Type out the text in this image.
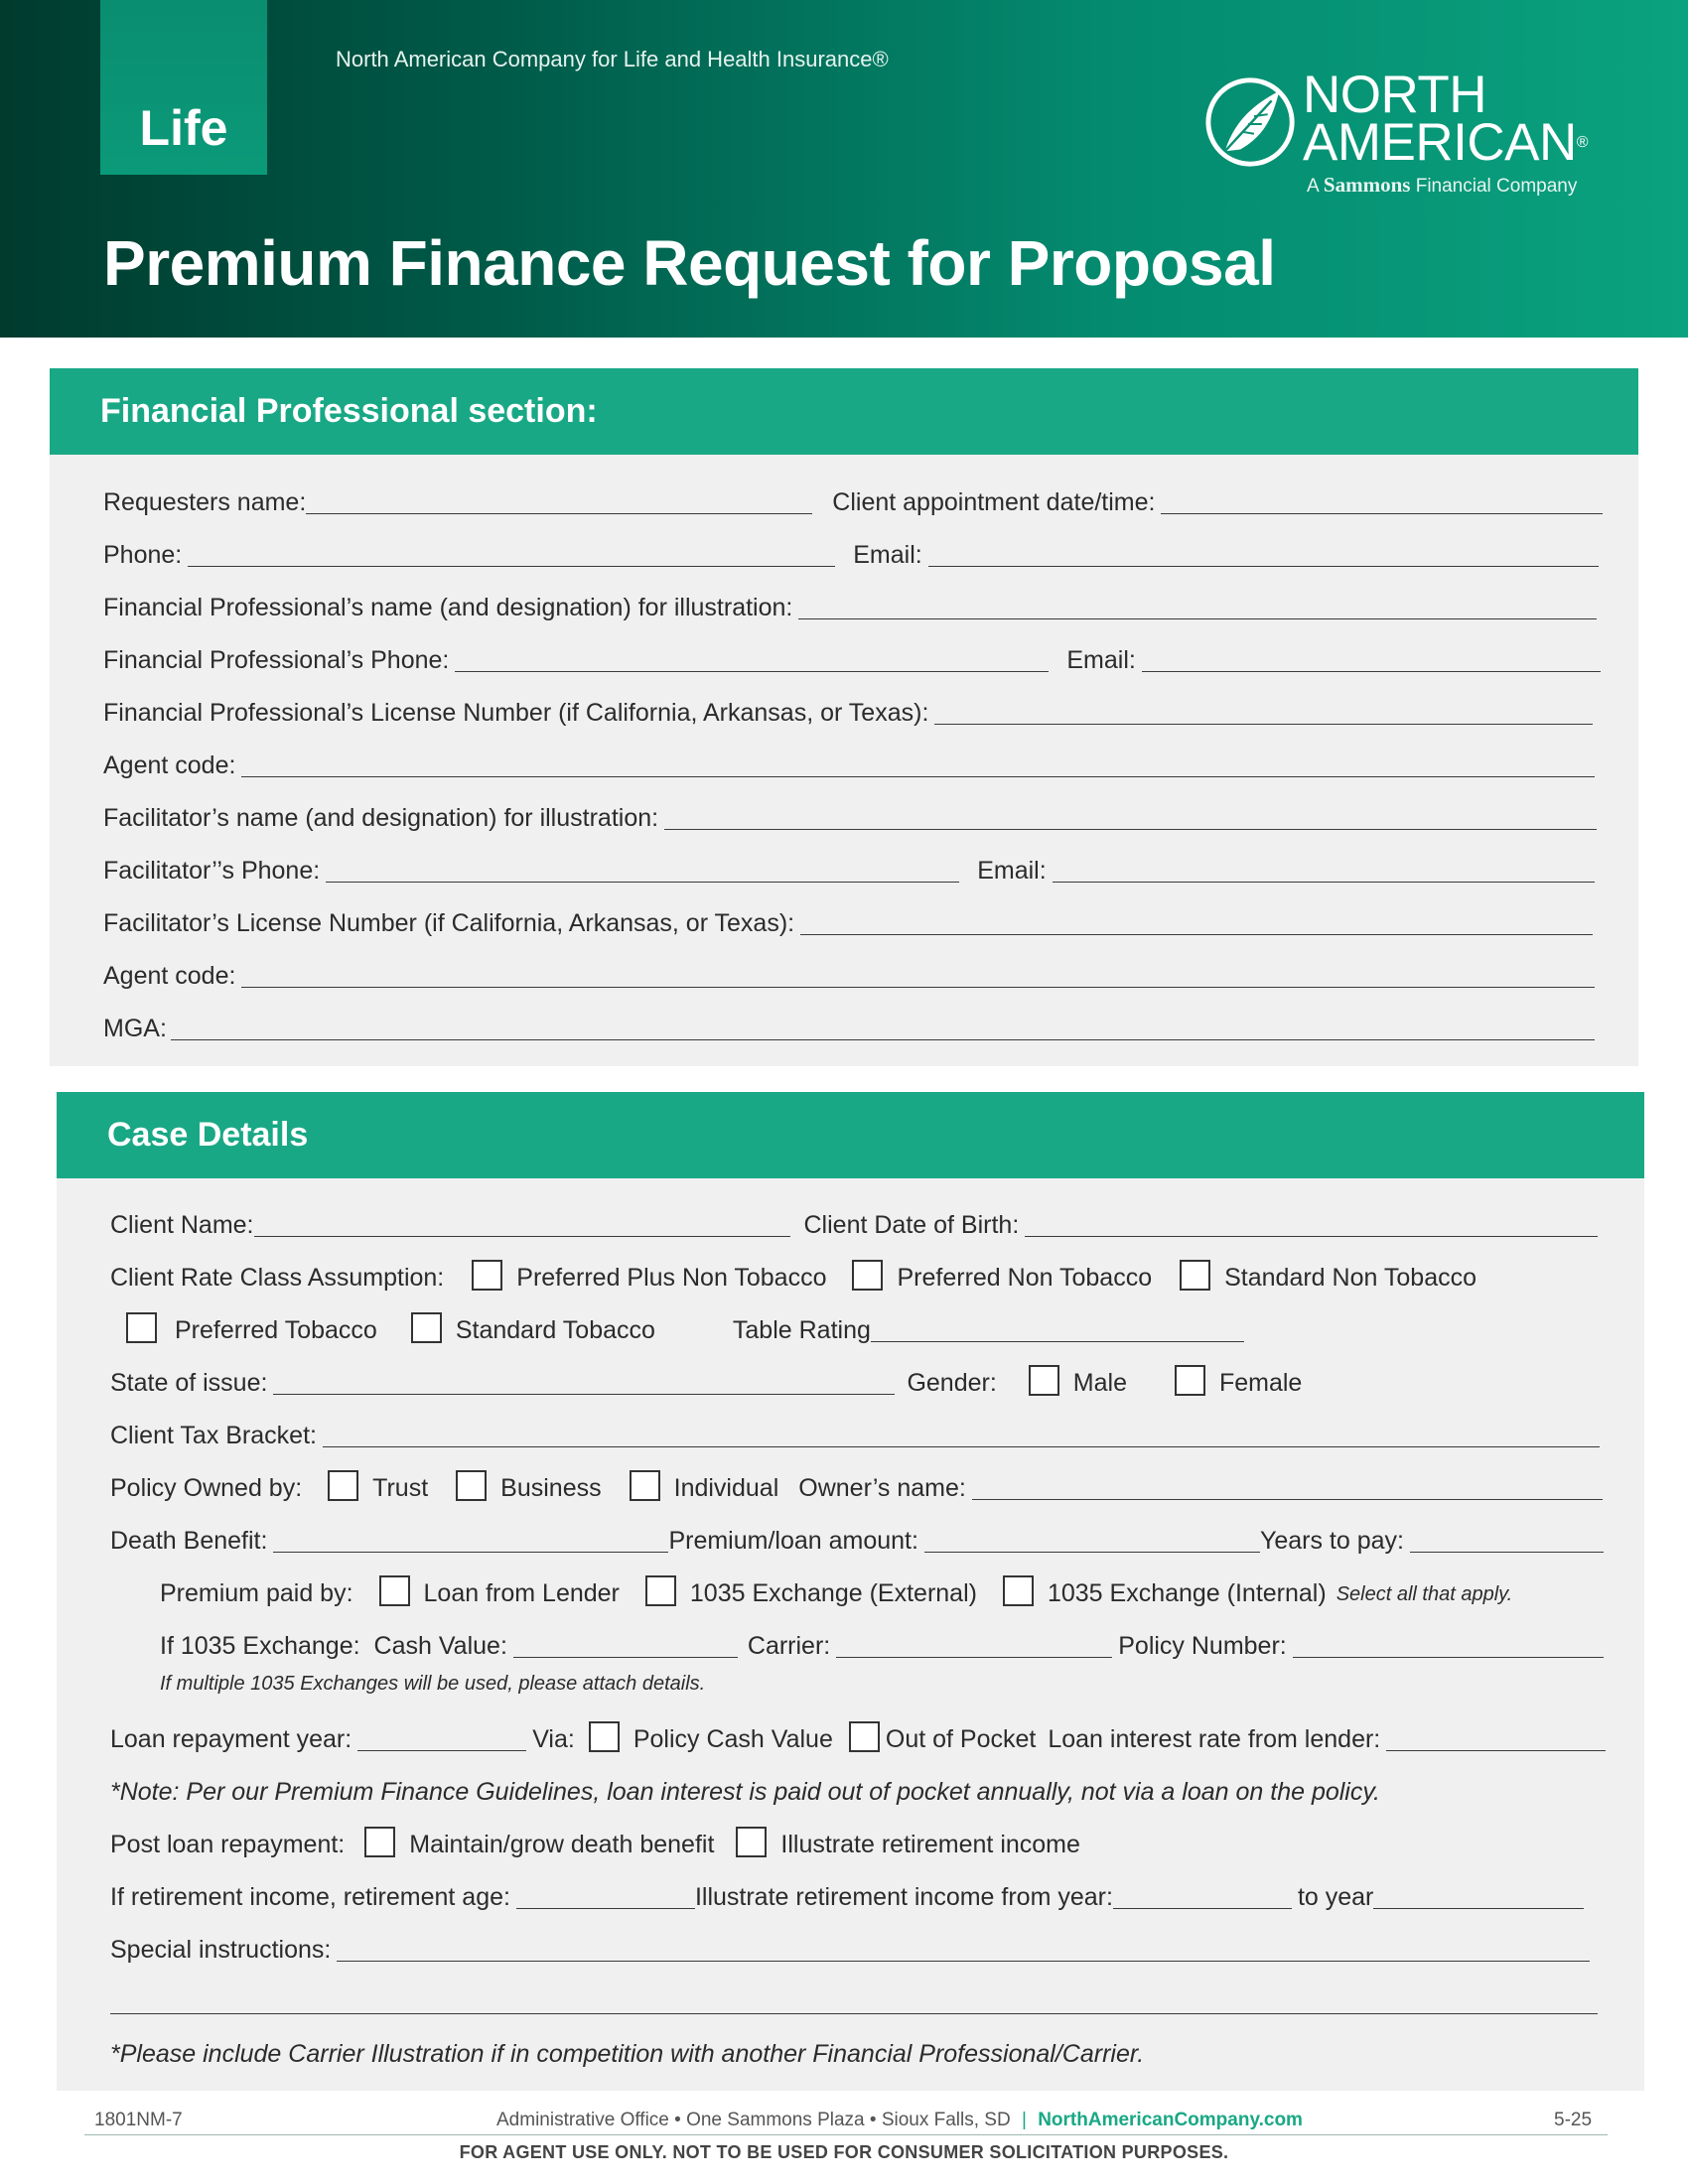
Life
North American Company for Life and Health Insurance®
NORTH
AMERICAN®
A Sammons Financial Company
Premium Finance Request for Proposal
Financial Professional section:
Requesters name:	Client appointment date/time:
Phone:	Email:
Financial Professional’s name (and designation) for illustration:
Financial Professional’s Phone:	Email:
Financial Professional’s License Number (if California, Arkansas, or Texas):
Agent code:
Facilitator’s name (and designation) for illustration:
Facilitator’’s Phone:	Email:
Facilitator’s License Number (if California, Arkansas, or Texas):
Agent code:
MGA:
Case Details
Client Name:	Client Date of Birth:
Client Rate Class Assumption:	Preferred Plus Non Tobacco	Preferred Non Tobacco	Standard Non Tobacco
Preferred Tobacco	Standard Tobacco	Table Rating
State of issue:	Gender:	Male	Female
Client Tax Bracket:
Policy Owned by:	Trust	Business	Individual Owner’s name:
Death Benefit:	Premium/loan amount:	Years to pay:
Premium paid by:	Loan from Lender	1035 Exchange (External)	1035 Exchange (Internal) Select all that apply.
If 1035 Exchange: Cash Value:	Carrier:	Policy Number:
If multiple 1035 Exchanges will be used, please attach details.
Loan repayment year:	Via: Policy Cash Value Out of Pocket Loan interest rate from lender:
*Note: Per our Premium Finance Guidelines, loan interest is paid out of pocket annually, not via a loan on the policy.
Post loan repayment:	Maintain/grow death benefit	Illustrate retirement income
If retirement income, retirement age:	Illustrate retirement income from year:	to year
Special instructions:
*Please include Carrier Illustration if in competition with another Financial Professional/Carrier.
1801NM-7	Administrative Office • One Sammons Plaza • Sioux Falls, SD | NorthAmericanCompany.com	5-25
FOR AGENT USE ONLY. NOT TO BE USED FOR CONSUMER SOLICITATION PURPOSES.
